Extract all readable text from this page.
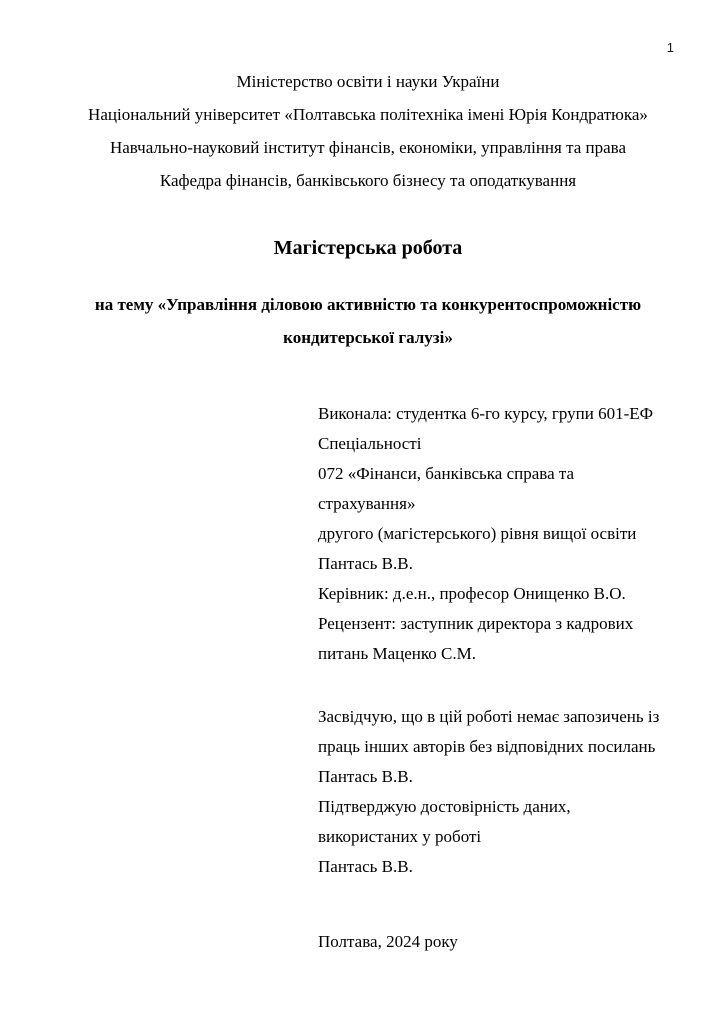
1
Міністерство освіти і науки України
Національний університет «Полтавська політехніка імені Юрія Кондратюка»
Навчально-науковий інститут фінансів, економіки, управління та права
Кафедра фінансів, банківського бізнесу та оподаткування
Магістерська робота
на тему «Управління діловою активністю та конкурентоспроможністю
кондитерської галузі»
Виконала: студентка 6-го курсу, групи 601-ЕФ
Спеціальності
072 «Фінанси, банківська справа та
страхування»
другого (магістерського) рівня вищої освіти
Пантась В.В.
Керівник: д.е.н., професор Онищенко В.О.
Рецензент: заступник директора з кадрових
питань Маценко С.М.
Засвідчую, що в цій роботі немає запозичень із
праць інших авторів без відповідних посилань
Пантась В.В.
Підтверджую достовірність даних,
використаних у роботі
Пантась В.В.
Полтава, 2024 року
